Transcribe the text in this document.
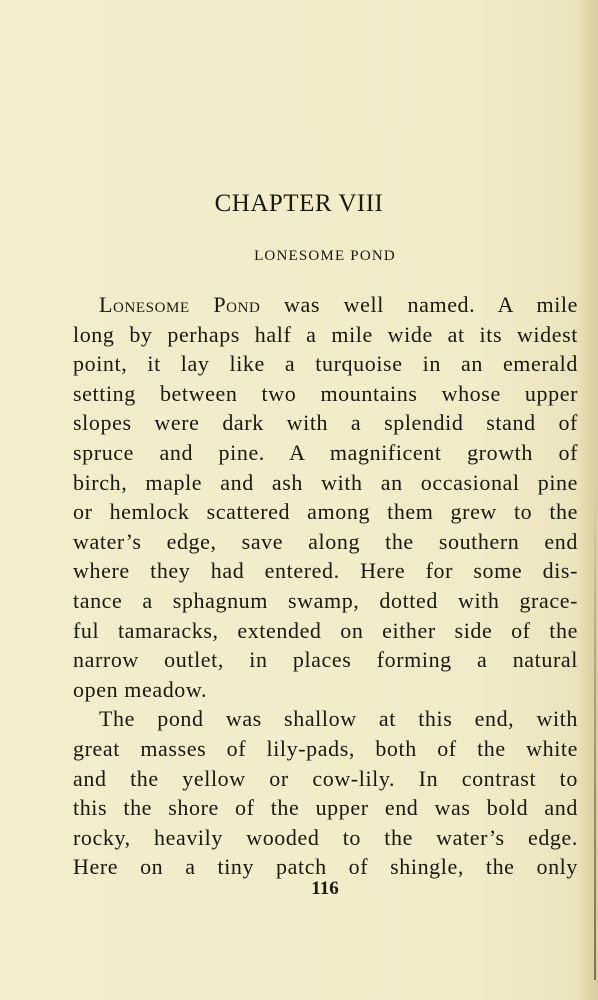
CHAPTER VIII
LONESOME POND
Lonesome Pond was well named. A mile
long by perhaps half a mile wide at its widest
point, it lay like a turquoise in an emerald
setting between two mountains whose upper
slopes were dark with a splendid stand of
spruce and pine. A magnificent growth of
birch, maple and ash with an occasional pine
or hemlock scattered among them grew to the
water’s edge, save along the southern end
where they had entered. Here for some dis-
tance a sphagnum swamp, dotted with grace-
ful tamaracks, extended on either side of the
narrow outlet, in places forming a natural
open meadow.
The pond was shallow at this end, with
great masses of lily-pads, both of the white
and the yellow or cow-lily. In contrast to
this the shore of the upper end was bold and
rocky, heavily wooded to the water’s edge.
Here on a tiny patch of shingle, the only
116
